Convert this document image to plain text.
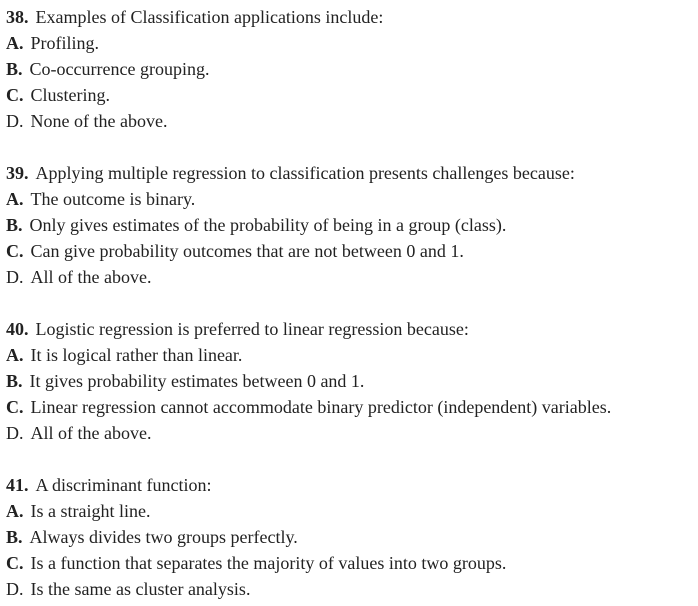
38. Examples of Classification applications include:
A. Profiling.
B. Co-occurrence grouping.
C. Clustering.
D. None of the above.
39. Applying multiple regression to classification presents challenges because:
A. The outcome is binary.
B. Only gives estimates of the probability of being in a group (class).
C. Can give probability outcomes that are not between 0 and 1.
D. All of the above.
40. Logistic regression is preferred to linear regression because:
A. It is logical rather than linear.
B. It gives probability estimates between 0 and 1.
C. Linear regression cannot accommodate binary predictor (independent) variables.
D. All of the above.
41. A discriminant function:
A. Is a straight line.
B. Always divides two groups perfectly.
C. Is a function that separates the majority of values into two groups.
D. Is the same as cluster analysis.
